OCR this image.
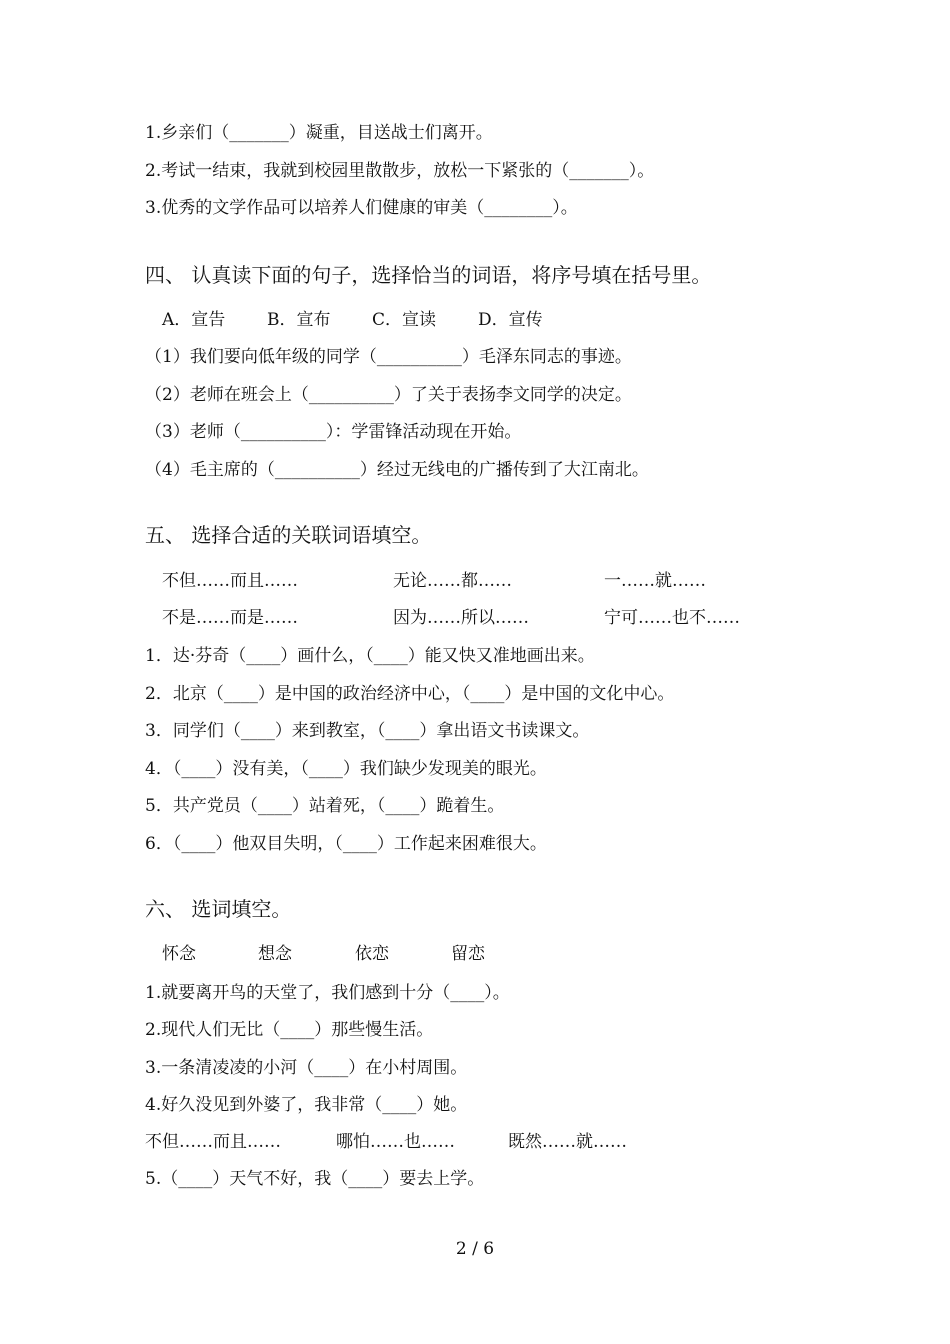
1.乡亲们（_______）凝重，目送战士们离开。
2.考试一结束，我就到校园里散散步，放松一下紧张的（_______）。
3.优秀的文学作品可以培养人们健康的审美（________）。
四、 认真读下面的句子，选择恰当的词语，将序号填在括号里。
A．宣告 B．宣布 C．宣读 D．宣传
（1）我们要向低年级的同学（__________）毛泽东同志的事迹。
（2）老师在班会上（__________）了关于表扬李文同学的决定。
（3）老师（__________）：学雷锋活动现在开始。
（4）毛主席的（__________）经过无线电的广播传到了大江南北。
五、 选择合适的关联词语填空。
不但……而且……	无论……都……	一……就……
不是……而是……	因为……所以……	宁可……也不……
1．达·芬奇（____）画什么，（____）能又快又准地画出来。
2．北京（____）是中国的政治经济中心，（____）是中国的文化中心。
3．同学们（____）来到教室，（____）拿出语文书读课文。
4．（____）没有美，（____）我们缺少发现美的眼光。
5．共产党员（____）站着死，（____）跪着生。
6．（____）他双目失明，（____）工作起来困难很大。
六、 选词填空。
怀念	想念	依恋	留恋
1.就要离开鸟的天堂了，我们感到十分（____）。
2.现代人们无比（____）那些慢生活。
3.一条清凌凌的小河（____）在小村周围。
4.好久没见到外婆了，我非常（____）她。
不但……而且……	哪怕……也……	既然……就……
5.（____）天气不好，我（____）要去上学。
2 / 6
